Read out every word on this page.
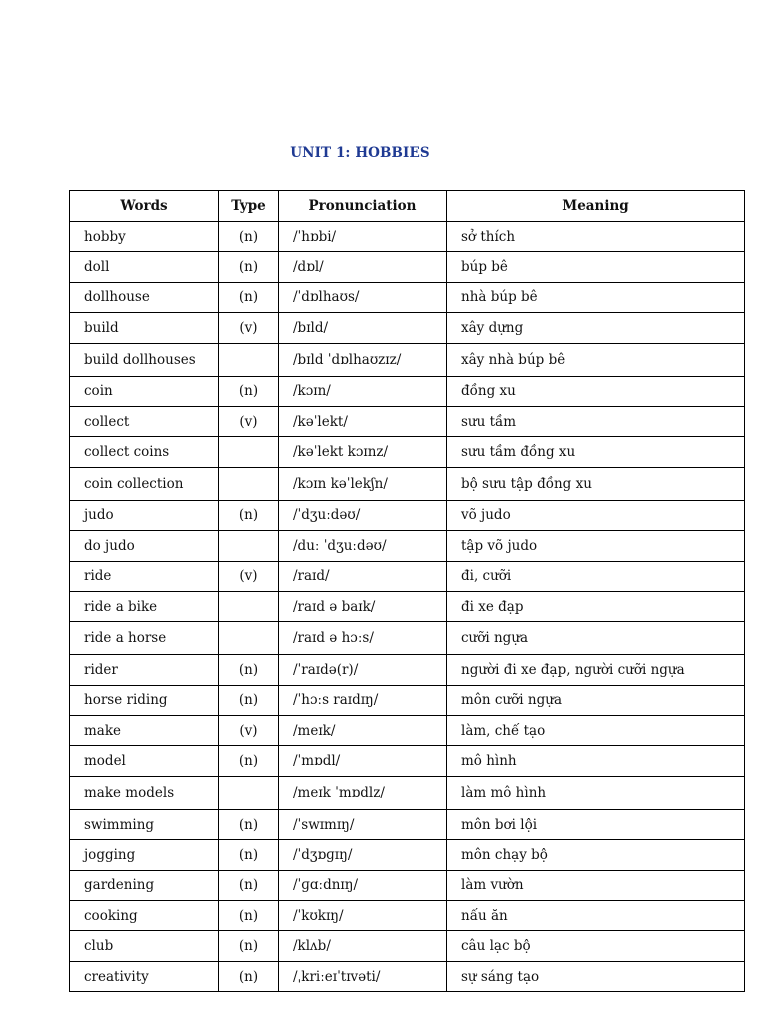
UNIT 1: HOBBIES
Words	Type	Pronunciation	Meaning
hobby	(n)	/ˈhɒbi/	sở thích
doll	(n)	/dɒl/	búp bê
dollhouse	(n)	/ˈdɒlhaʊs/	nhà búp bê
build	(v)	/bɪld/	xây dựng
build dollhouses		/bɪld ˈdɒlhaʊzɪz/	xây nhà búp bê
coin	(n)	/kɔɪn/	đồng xu
collect	(v)	/kəˈlekt/	sưu tầm
collect coins		/kəˈlekt kɔɪnz/	sưu tầm đồng xu
coin collection		/kɔɪn kəˈlekʃn/	bộ sưu tập đồng xu
judo	(n)	/ˈdʒuːdəʊ/	võ judo
do judo		/duː ˈdʒuːdəʊ/	tập võ judo
ride	(v)	/raɪd/	đi, cưỡi
ride a bike		/raɪd ə baɪk/	đi xe đạp
ride a horse		/raɪd ə hɔːs/	cưỡi ngựa
rider	(n)	/ˈraɪdə(r)/	người đi xe đạp, người cưỡi ngựa
horse riding	(n)	/ˈhɔːs raɪdɪŋ/	môn cưỡi ngựa
make	(v)	/meɪk/	làm, chế tạo
model	(n)	/ˈmɒdl/	mô hình
make models		/meɪk ˈmɒdlz/	làm mô hình
swimming	(n)	/ˈswɪmɪŋ/	môn bơi lội
jogging	(n)	/ˈdʒɒɡɪŋ/	môn chạy bộ
gardening	(n)	/ˈɡɑːdnɪŋ/	làm vườn
cooking	(n)	/ˈkʊkɪŋ/	nấu ăn
club	(n)	/klʌb/	câu lạc bộ
creativity	(n)	/ˌkriːeɪˈtɪvəti/	sự sáng tạo
